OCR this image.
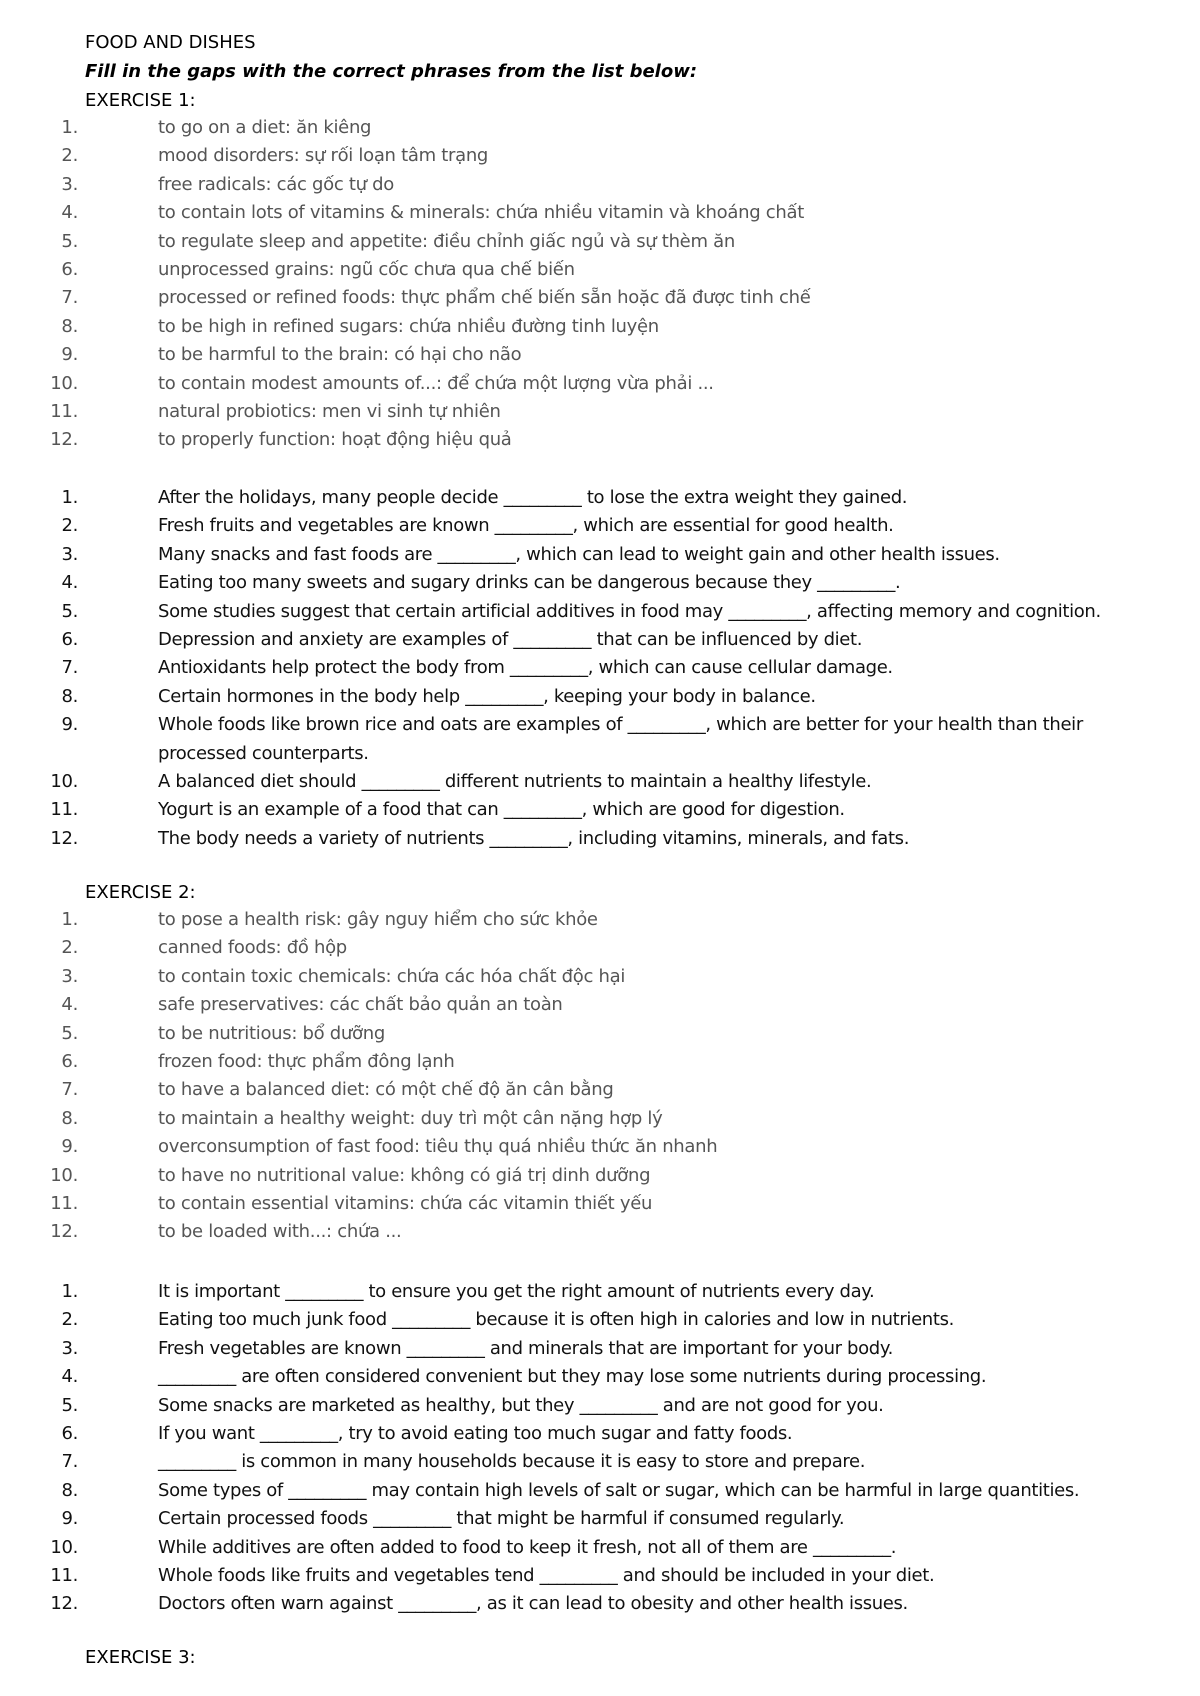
FOOD AND DISHES
Fill in the gaps with the correct phrases from the list below:
EXERCISE 1:
1.	to go on a diet: ăn kiêng
2.	mood disorders: sự rối loạn tâm trạng
3.	free radicals: các gốc tự do
4.	to contain lots of vitamins & minerals: chứa nhiều vitamin và khoáng chất
5.	to regulate sleep and appetite: điều chỉnh giấc ngủ và sự thèm ăn
6.	unprocessed grains: ngũ cốc chưa qua chế biến
7.	processed or refined foods: thực phẩm chế biến sẵn hoặc đã được tinh chế
8.	to be high in refined sugars: chứa nhiều đường tinh luyện
9.	to be harmful to the brain: có hại cho não
10.	to contain modest amounts of...: để chứa một lượng vừa phải ...
11.	natural probiotics: men vi sinh tự nhiên
12.	to properly function: hoạt động hiệu quả
1.	After the holidays, many people decide _________ to lose the extra weight they gained.
2.	Fresh fruits and vegetables are known _________, which are essential for good health.
3.	Many snacks and fast foods are _________, which can lead to weight gain and other health issues.
4.	Eating too many sweets and sugary drinks can be dangerous because they _________.
5.	Some studies suggest that certain artificial additives in food may _________, affecting memory and cognition.
6.	Depression and anxiety are examples of _________ that can be influenced by diet.
7.	Antioxidants help protect the body from _________, which can cause cellular damage.
8.	Certain hormones in the body help _________, keeping your body in balance.
9.	Whole foods like brown rice and oats are examples of _________, which are better for your health than their processed counterparts.
10.	A balanced diet should _________ different nutrients to maintain a healthy lifestyle.
11.	Yogurt is an example of a food that can _________, which are good for digestion.
12.	The body needs a variety of nutrients _________, including vitamins, minerals, and fats.
EXERCISE 2:
1.	to pose a health risk: gây nguy hiểm cho sức khỏe
2.	canned foods: đồ hộp
3.	to contain toxic chemicals: chứa các hóa chất độc hại
4.	safe preservatives: các chất bảo quản an toàn
5.	to be nutritious: bổ dưỡng
6.	frozen food: thực phẩm đông lạnh
7.	to have a balanced diet: có một chế độ ăn cân bằng
8.	to maintain a healthy weight: duy trì một cân nặng hợp lý
9.	overconsumption of fast food: tiêu thụ quá nhiều thức ăn nhanh
10.	to have no nutritional value: không có giá trị dinh dưỡng
11.	to contain essential vitamins: chứa các vitamin thiết yếu
12.	to be loaded with...: chứa ...
1.	It is important _________ to ensure you get the right amount of nutrients every day.
2.	Eating too much junk food _________ because it is often high in calories and low in nutrients.
3.	Fresh vegetables are known _________ and minerals that are important for your body.
4.	_________ are often considered convenient but they may lose some nutrients during processing.
5.	Some snacks are marketed as healthy, but they _________ and are not good for you.
6.	If you want _________, try to avoid eating too much sugar and fatty foods.
7.	_________ is common in many households because it is easy to store and prepare.
8.	Some types of _________ may contain high levels of salt or sugar, which can be harmful in large quantities.
9.	Certain processed foods _________ that might be harmful if consumed regularly.
10.	While additives are often added to food to keep it fresh, not all of them are _________.
11.	Whole foods like fruits and vegetables tend _________ and should be included in your diet.
12.	Doctors often warn against _________, as it can lead to obesity and other health issues.
EXERCISE 3:
